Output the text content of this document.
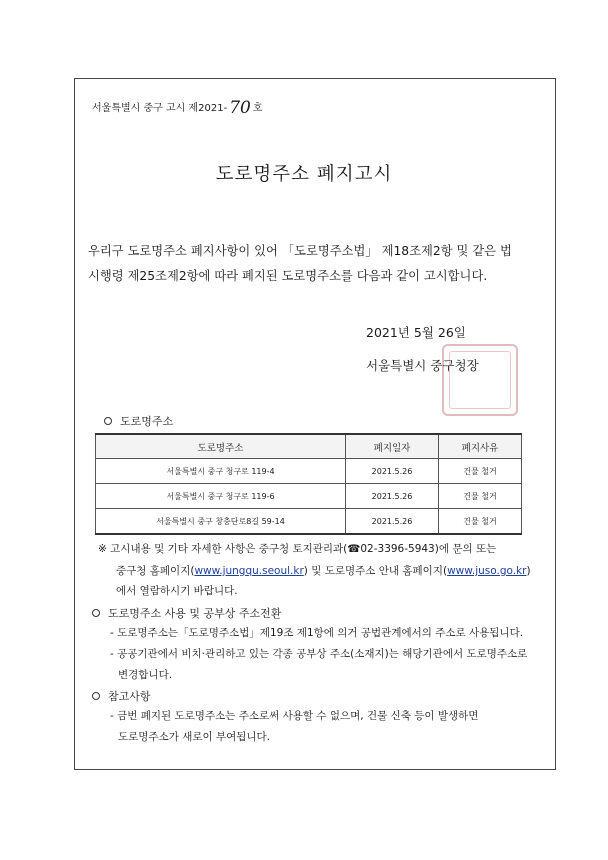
서울특별시 중구 고시 제2021- 70 호
도로명주소 폐지고시
우리구 도로명주소 폐지사항이 있어 「도로명주소법」 제18조제2항 및 같은 법
시행령 제25조제2항에 따라 폐지된 도로명주소를 다음과 같이 고시합니다.
2021년 5월 26일
서울특별시 중구청장
도로명주소
도로명주소	폐지일자	폐지사유
서울특별시 중구 청구로 119-4	2021.5.26	건물 철거
서울특별시 중구 청구로 119-6	2021.5.26	건물 철거
서울특별시 중구 창충단로8길 59-14	2021.5.26	건물 철거
※ 고시내용 및 기타 자세한 사항은 중구청 토지관리과(☎02-3396-5943)에 문의 또는
중구청 홈페이지(www.jungqu.seoul.kr) 및 도로명주소 안내 홈페이지(www.juso.go.kr)
에서 열람하시기 바랍니다.
도로명주소 사용 및 공부상 주소전환
- 도로명주소는「도로명주소법」제19조 제1항에 의거 공법관계에서의 주소로 사용됩니다.
- 공공기관에서 비치·관리하고 있는 각종 공부상 주소(소재지)는 해당기관에서 도로명주소로
변경합니다.
참고사항
- 금번 폐지된 도로명주소는 주소로써 사용할 수 없으며, 건물 신축 등이 발생하면
도로명주소가 새로이 부여됩니다.
